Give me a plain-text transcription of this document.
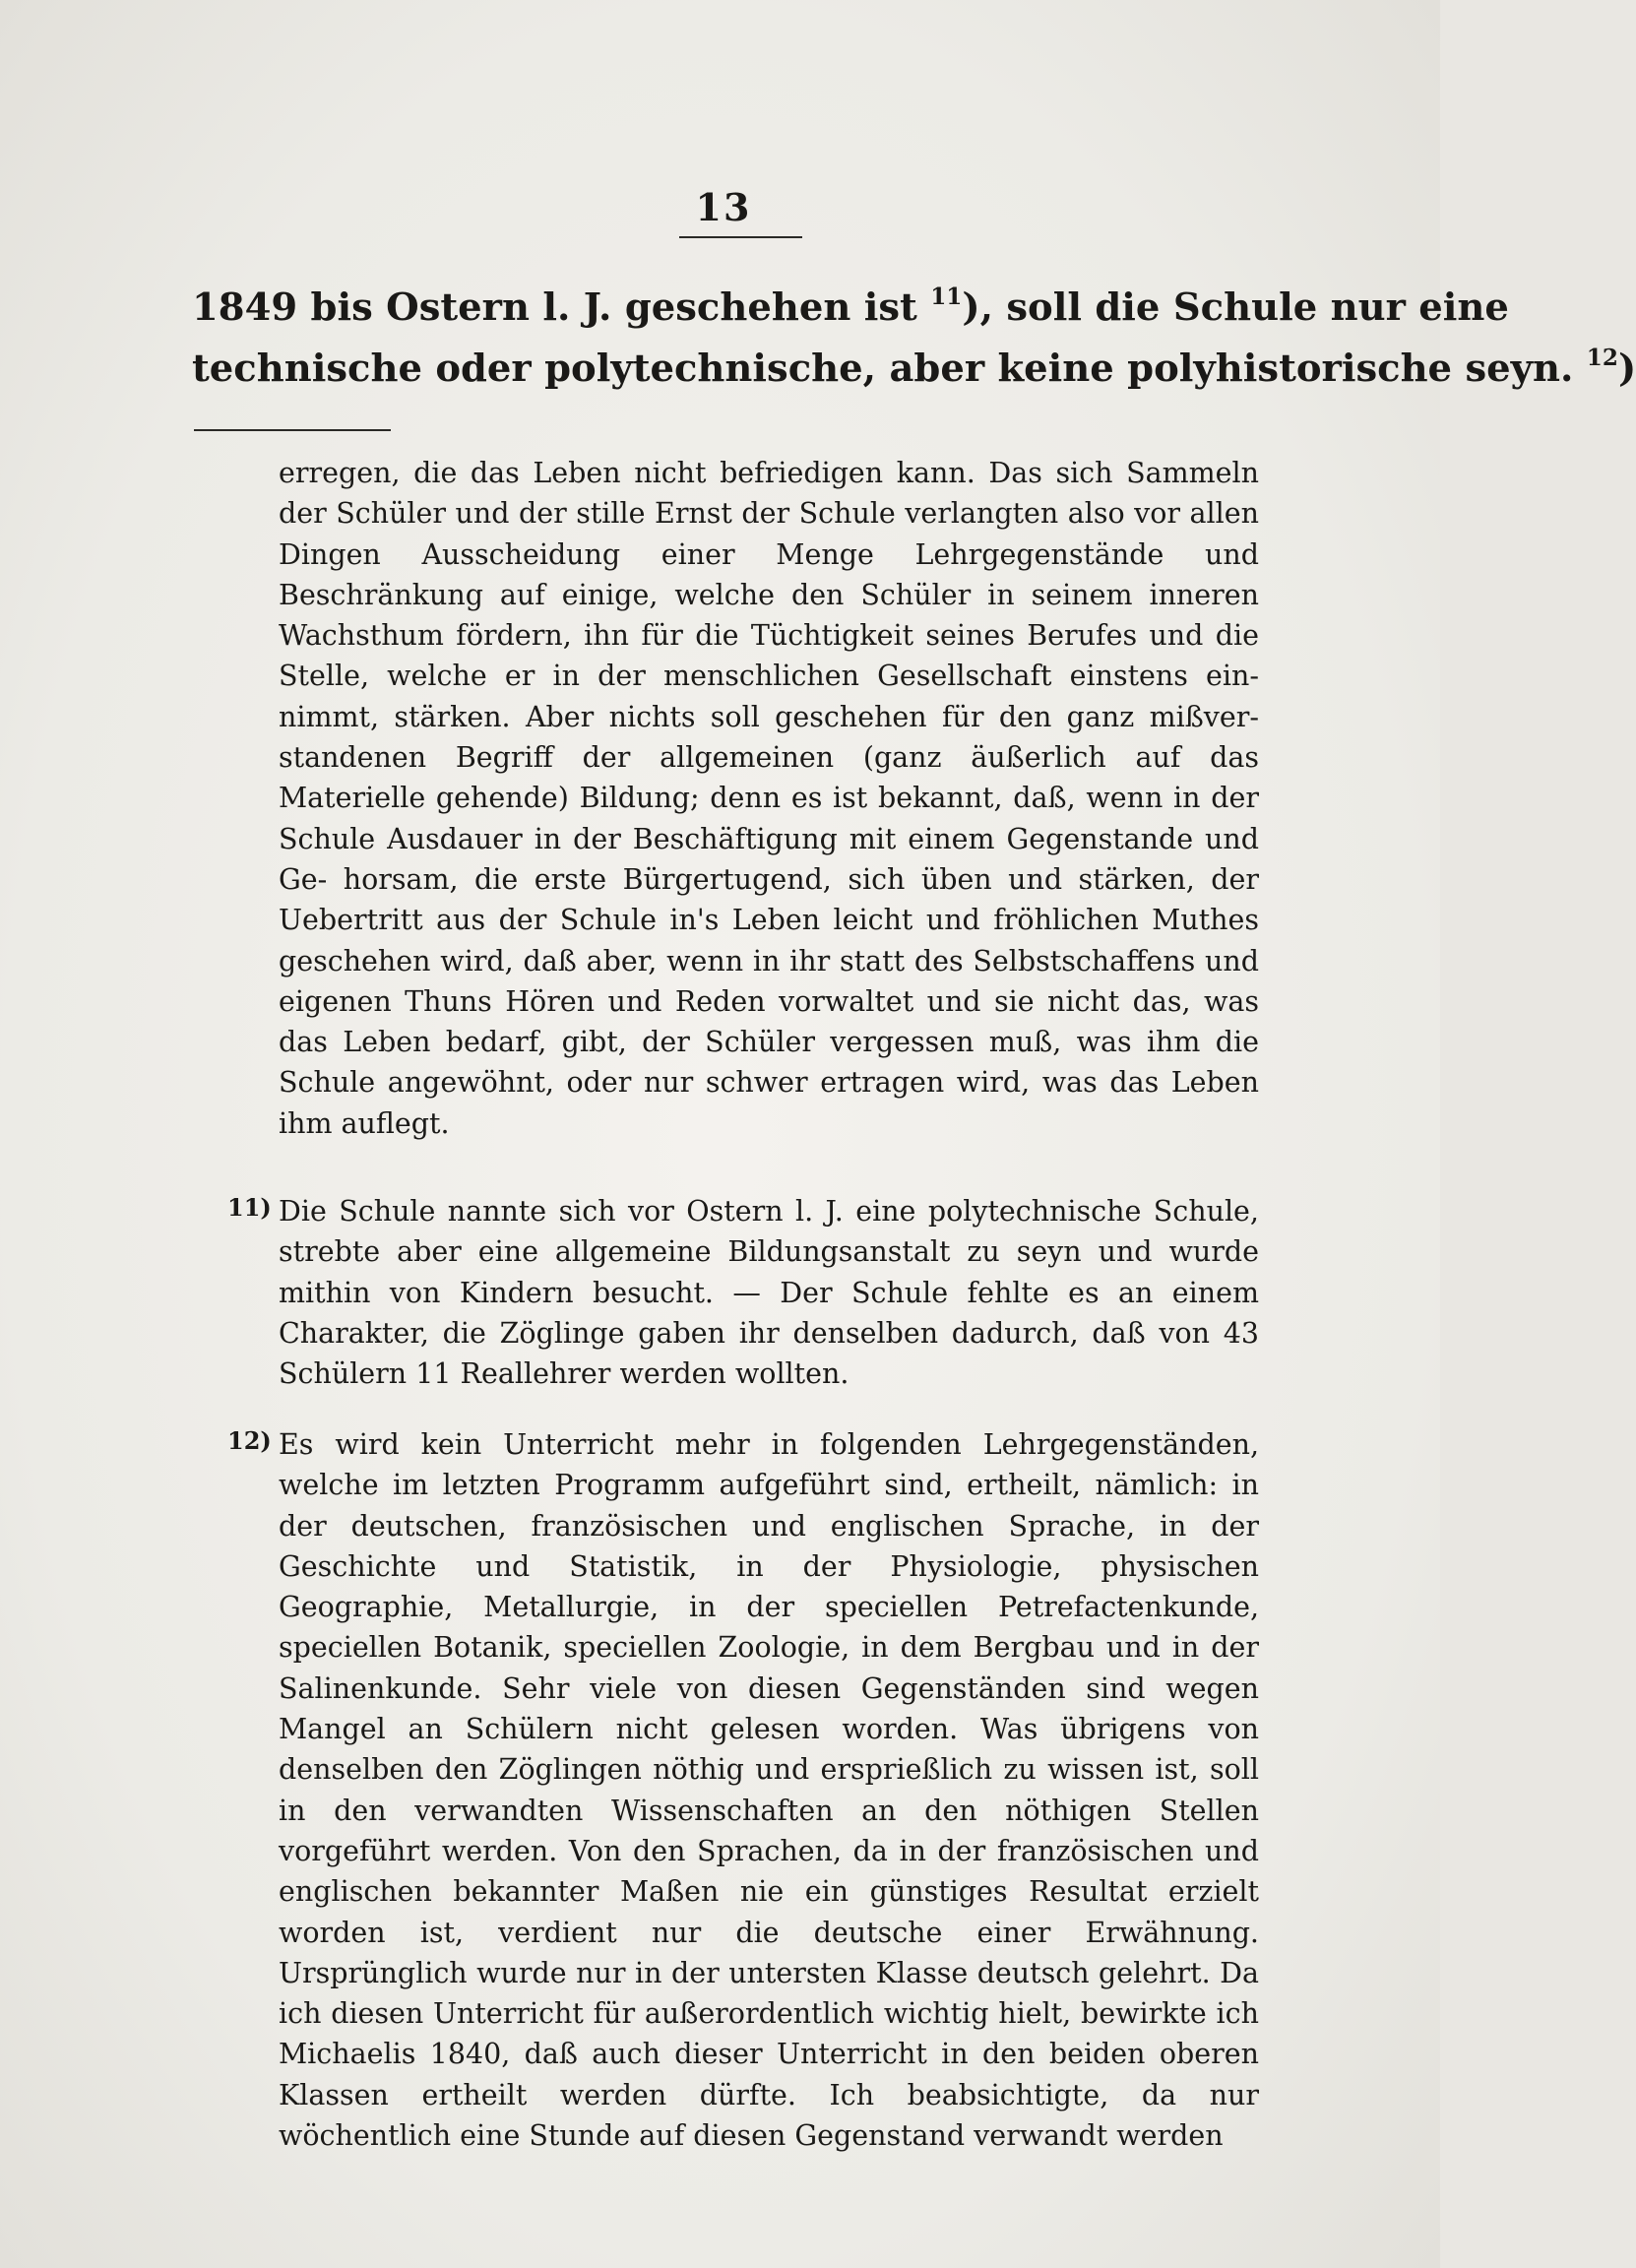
13
1849 bis Ostern l. J. geschehen ist $^{11}$), soll die Schule nur eine
technische oder polytechnische, aber keine polyhistorische seyn. $^{12}$)
erregen, die das Leben nicht befriedigen kann. Das sich Sammeln der Schüler und der stille Ernst der Schule verlangten also vor allen Dingen Ausscheidung einer Menge Lehrgegenstände und Beschränkung auf einige, welche den Schüler in seinem inneren Wachsthum fördern, ihn für die Tüchtigkeit seines Berufes und die Stelle, welche er in der menschlichen Gesellschaft einstens ein- nimmt, stärken. Aber nichts soll geschehen für den ganz mißver- standenen Begriff der allgemeinen (ganz äußerlich auf das Materielle gehende) Bildung; denn es ist bekannt, daß, wenn in der Schule Ausdauer in der Beschäftigung mit einem Gegenstande und Ge- horsam, die erste Bürgertugend, sich üben und stärken, der Uebertritt aus der Schule in's Leben leicht und fröhlichen Muthes geschehen wird, daß aber, wenn in ihr statt des Selbstschaffens und eigenen Thuns Hören und Reden vorwaltet und sie nicht das, was das Leben bedarf, gibt, der Schüler vergessen muß, was ihm die Schule angewöhnt, oder nur schwer ertragen wird, was das Leben ihm auflegt.
11) Die Schule nannte sich vor Ostern l. J. eine polytechnische Schule, strebte aber eine allgemeine Bildungsanstalt zu seyn und wurde mithin von Kindern besucht. — Der Schule fehlte es an einem Charakter, die Zöglinge gaben ihr denselben dadurch, daß von 43 Schülern 11 Reallehrer werden wollten.
12) Es wird kein Unterricht mehr in folgenden Lehrgegenständen, welche im letzten Programm aufgeführt sind, ertheilt, nämlich: in der deutschen, französischen und englischen Sprache, in der Geschichte und Statistik, in der Physiologie, physischen Geographie, Metallurgie, in der speciellen Petrefactenkunde, speciellen Botanik, speciellen Zoologie, in dem Bergbau und in der Salinenkunde. Sehr viele von diesen Gegenständen sind wegen Mangel an Schülern nicht gelesen worden. Was übrigens von denselben den Zöglingen nöthig und ersprießlich zu wissen ist, soll in den verwandten Wissenschaften an den nöthigen Stellen vorgeführt werden. Von den Sprachen, da in der französischen und englischen bekannter Maßen nie ein günstiges Resultat erzielt worden ist, verdient nur die deutsche einer Erwähnung. Ursprünglich wurde nur in der untersten Klasse deutsch gelehrt. Da ich diesen Unterricht für außerordentlich wichtig hielt, bewirkte ich Michaelis 1840, daß auch dieser Unterricht in den beiden oberen Klassen ertheilt werden dürfte. Ich beabsichtigte, da nur wöchentlich eine Stunde auf diesen Gegenstand verwandt werden
